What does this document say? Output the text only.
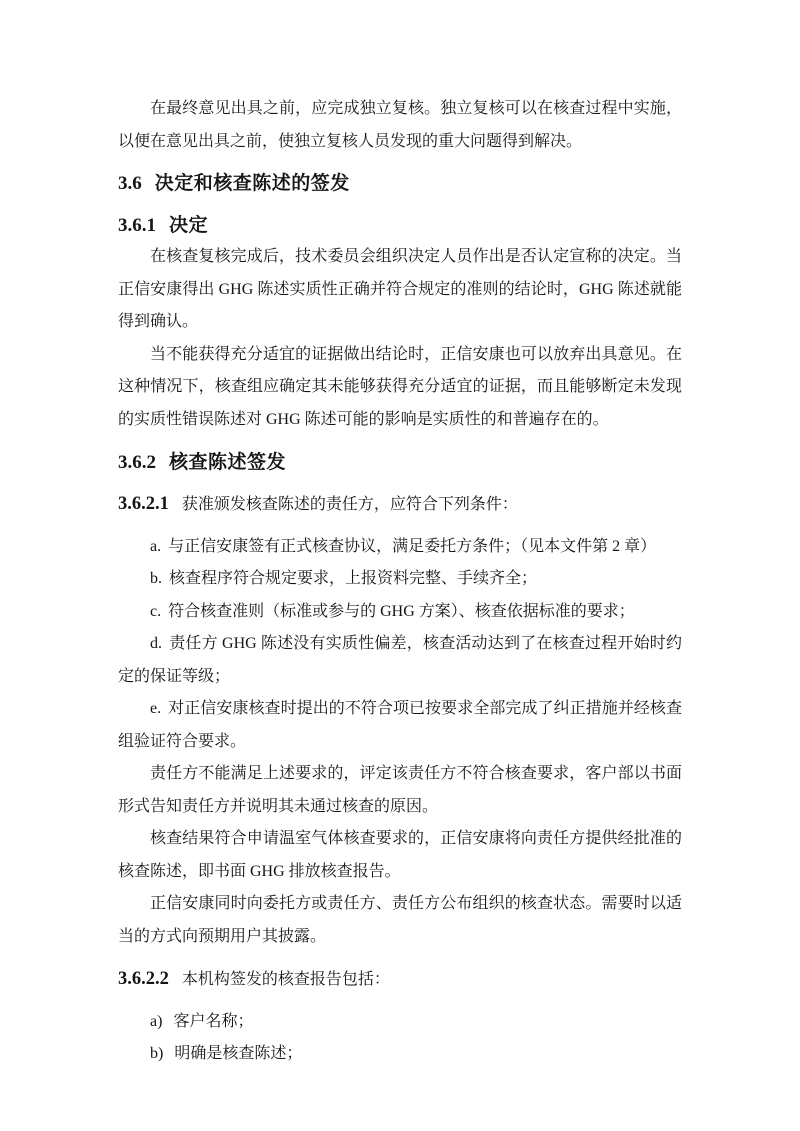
在最终意见出具之前，应完成独立复核。独立复核可以在核查过程中实施，以便在意见出具之前，使独立复核人员发现的重大问题得到解决。

3.6 决定和核查陈述的签发
3.6.1 决定

在核查复核完成后，技术委员会组织决定人员作出是否认定宣称的决定。当正信安康得出 GHG 陈述实质性正确并符合规定的准则的结论时，GHG 陈述就能得到确认。

当不能获得充分适宜的证据做出结论时，正信安康也可以放弃出具意见。在这种情况下，核查组应确定其未能够获得充分适宜的证据，而且能够断定未发现的实质性错误陈述对 GHG 陈述可能的影响是实质性的和普遍存在的。

3.6.2 核查陈述签发

3.6.2.1 获准颁发核查陈述的责任方，应符合下列条件：

a. 与正信安康签有正式核查协议，满足委托方条件；（见本文件第 2 章）

b. 核查程序符合规定要求，上报资料完整、手续齐全；

c. 符合核查准则（标准或参与的 GHG 方案）、核查依据标准的要求；

d. 责任方 GHG 陈述没有实质性偏差，核查活动达到了在核查过程开始时约定的保证等级；

e. 对正信安康核查时提出的不符合项已按要求全部完成了纠正措施并经核查组验证符合要求。

责任方不能满足上述要求的，评定该责任方不符合核查要求，客户部以书面形式告知责任方并说明其未通过核查的原因。

核查结果符合申请温室气体核查要求的，正信安康将向责任方提供经批准的核查陈述，即书面 GHG 排放核查报告。

正信安康同时向委托方或责任方、责任方公布组织的核查状态。需要时以适当的方式向预期用户其披露。

3.6.2.2 本机构签发的核查报告包括：

a) 客户名称；

b) 明确是核查陈述；
